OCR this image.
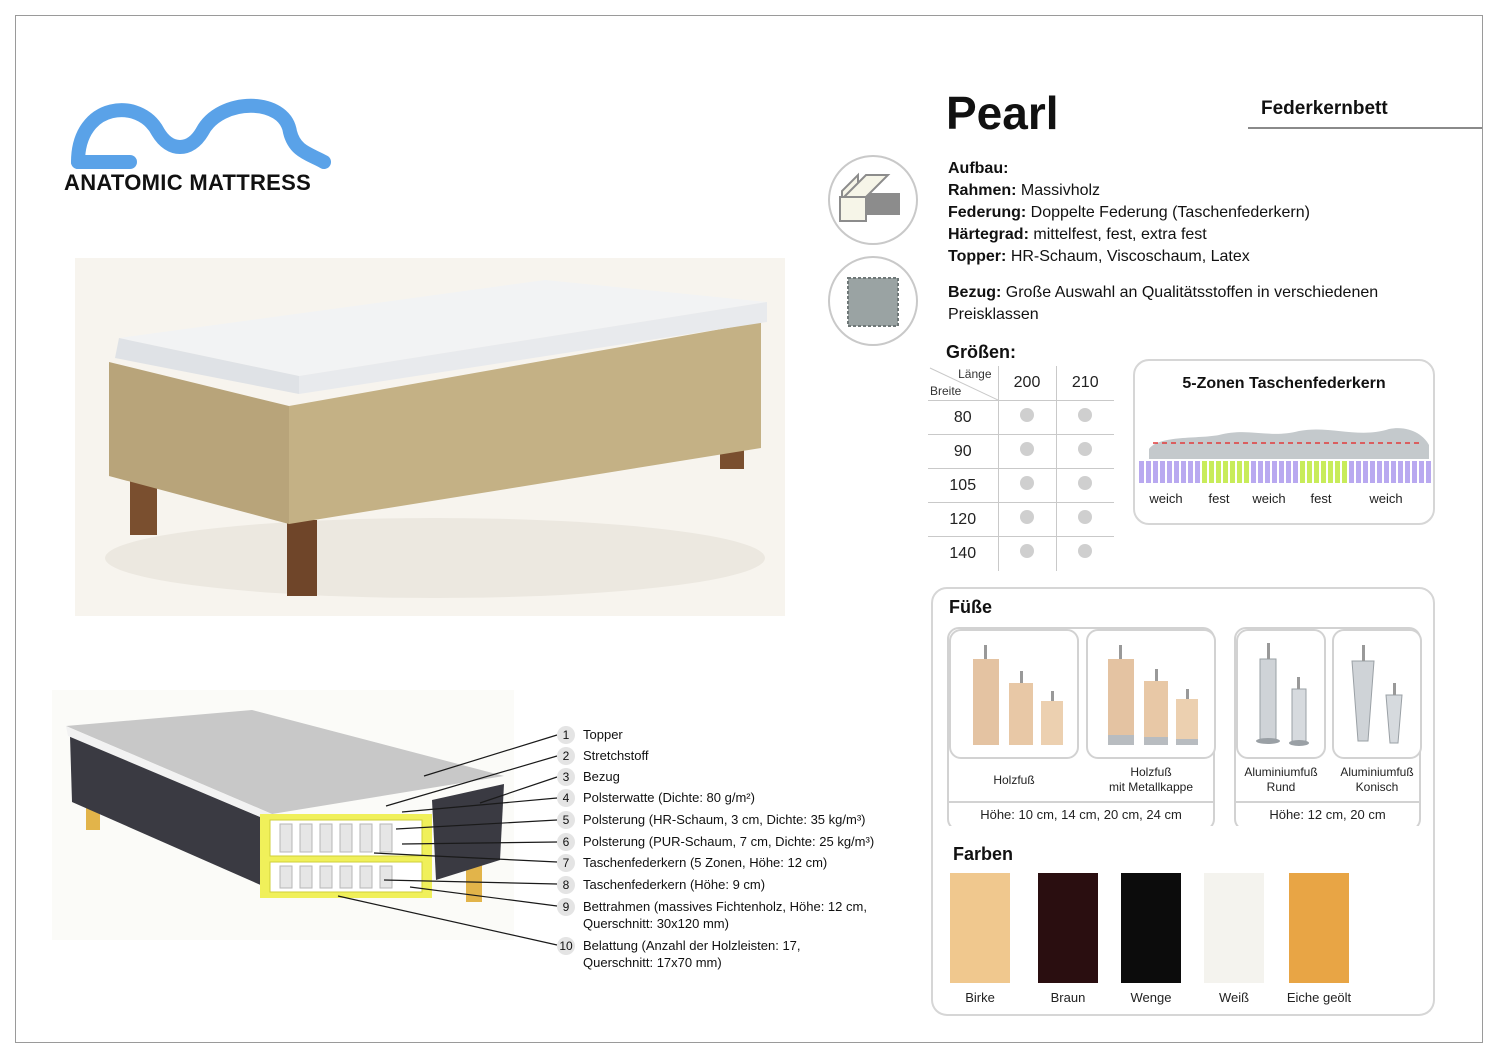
ANATOMIC MATTRESS
Pearl	Federkernbett
Aufbau:
Rahmen: Massivholz
Federung: Doppelte Federung (Taschenfederkern)
Härtegrad: mittelfest, fest, extra fest
Topper: HR-Schaum, Viscoschaum, Latex
Bezug: Große Auswahl an Qualitätsstoffen in verschiedenen
Preisklassen
Größen:
Länge
Breite	200	210
80		
90		
105		
120		
140		
5-Zonen Taschenfederkern
weich	fest	weich	fest	weich
Füße
Holzfuß
Holzfuß
mit Metallkappe
Höhe: 10 cm, 14 cm, 20 cm, 24 cm
Aluminiumfuß
Rund
Aluminiumfuß
Konisch
Höhe: 12 cm, 20 cm
Farben
Birke	Braun	Wenge	Weiß	Eiche geölt
1	Topper
2	Stretchstoff
3	Bezug
4	Polsterwatte (Dichte: 80 g/m²)
5	Polsterung (HR-Schaum, 3 cm, Dichte: 35 kg/m³)
6	Polsterung (PUR-Schaum, 7 cm, Dichte: 25 kg/m³)
7	Taschenfederkern (5 Zonen, Höhe: 12 cm)
8	Taschenfederkern (Höhe: 9 cm)
9	Bettrahmen (massives Fichtenholz, Höhe: 12 cm,
Querschnitt: 30x120 mm)
10 Belattung (Anzahl der Holzleisten: 17,
Querschnitt: 17x70 mm)
